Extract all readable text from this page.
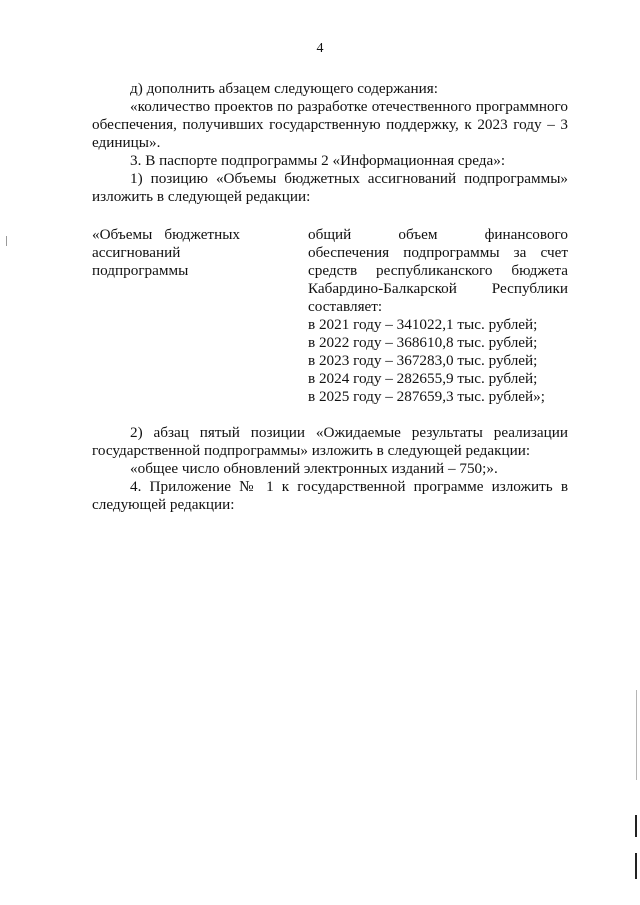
4

д) дополнить абзацем следующего содержания:

«количество проектов по разработке отечественного программного обеспечения, получивших государственную поддержку, к 2023 году – 3 единицы».

3. В паспорте подпрограммы 2 «Информационная среда»:

1) позицию «Объемы бюджетных ассигнований подпрограммы» изложить в следующей редакции:

«Объемы бюджетных
ассигнований
подпрограммы
общий объем финансового
обеспечения подпрограммы за счет
средств республиканского бюджета
Кабардино-Балкарской Республики
составляет:
в 2021 году – 341022,1 тыс. рублей;
в 2022 году – 368610,8 тыс. рублей;
в 2023 году – 367283,0 тыс. рублей;
в 2024 году – 282655,9 тыс. рублей;
в 2025 году – 287659,3 тыс. рублей»;

2) абзац пятый позиции «Ожидаемые результаты реализации государственной подпрограммы» изложить в следующей редакции:

«общее число обновлений электронных изданий – 750;».

4. Приложение № 1 к государственной программе изложить в следующей редакции:
